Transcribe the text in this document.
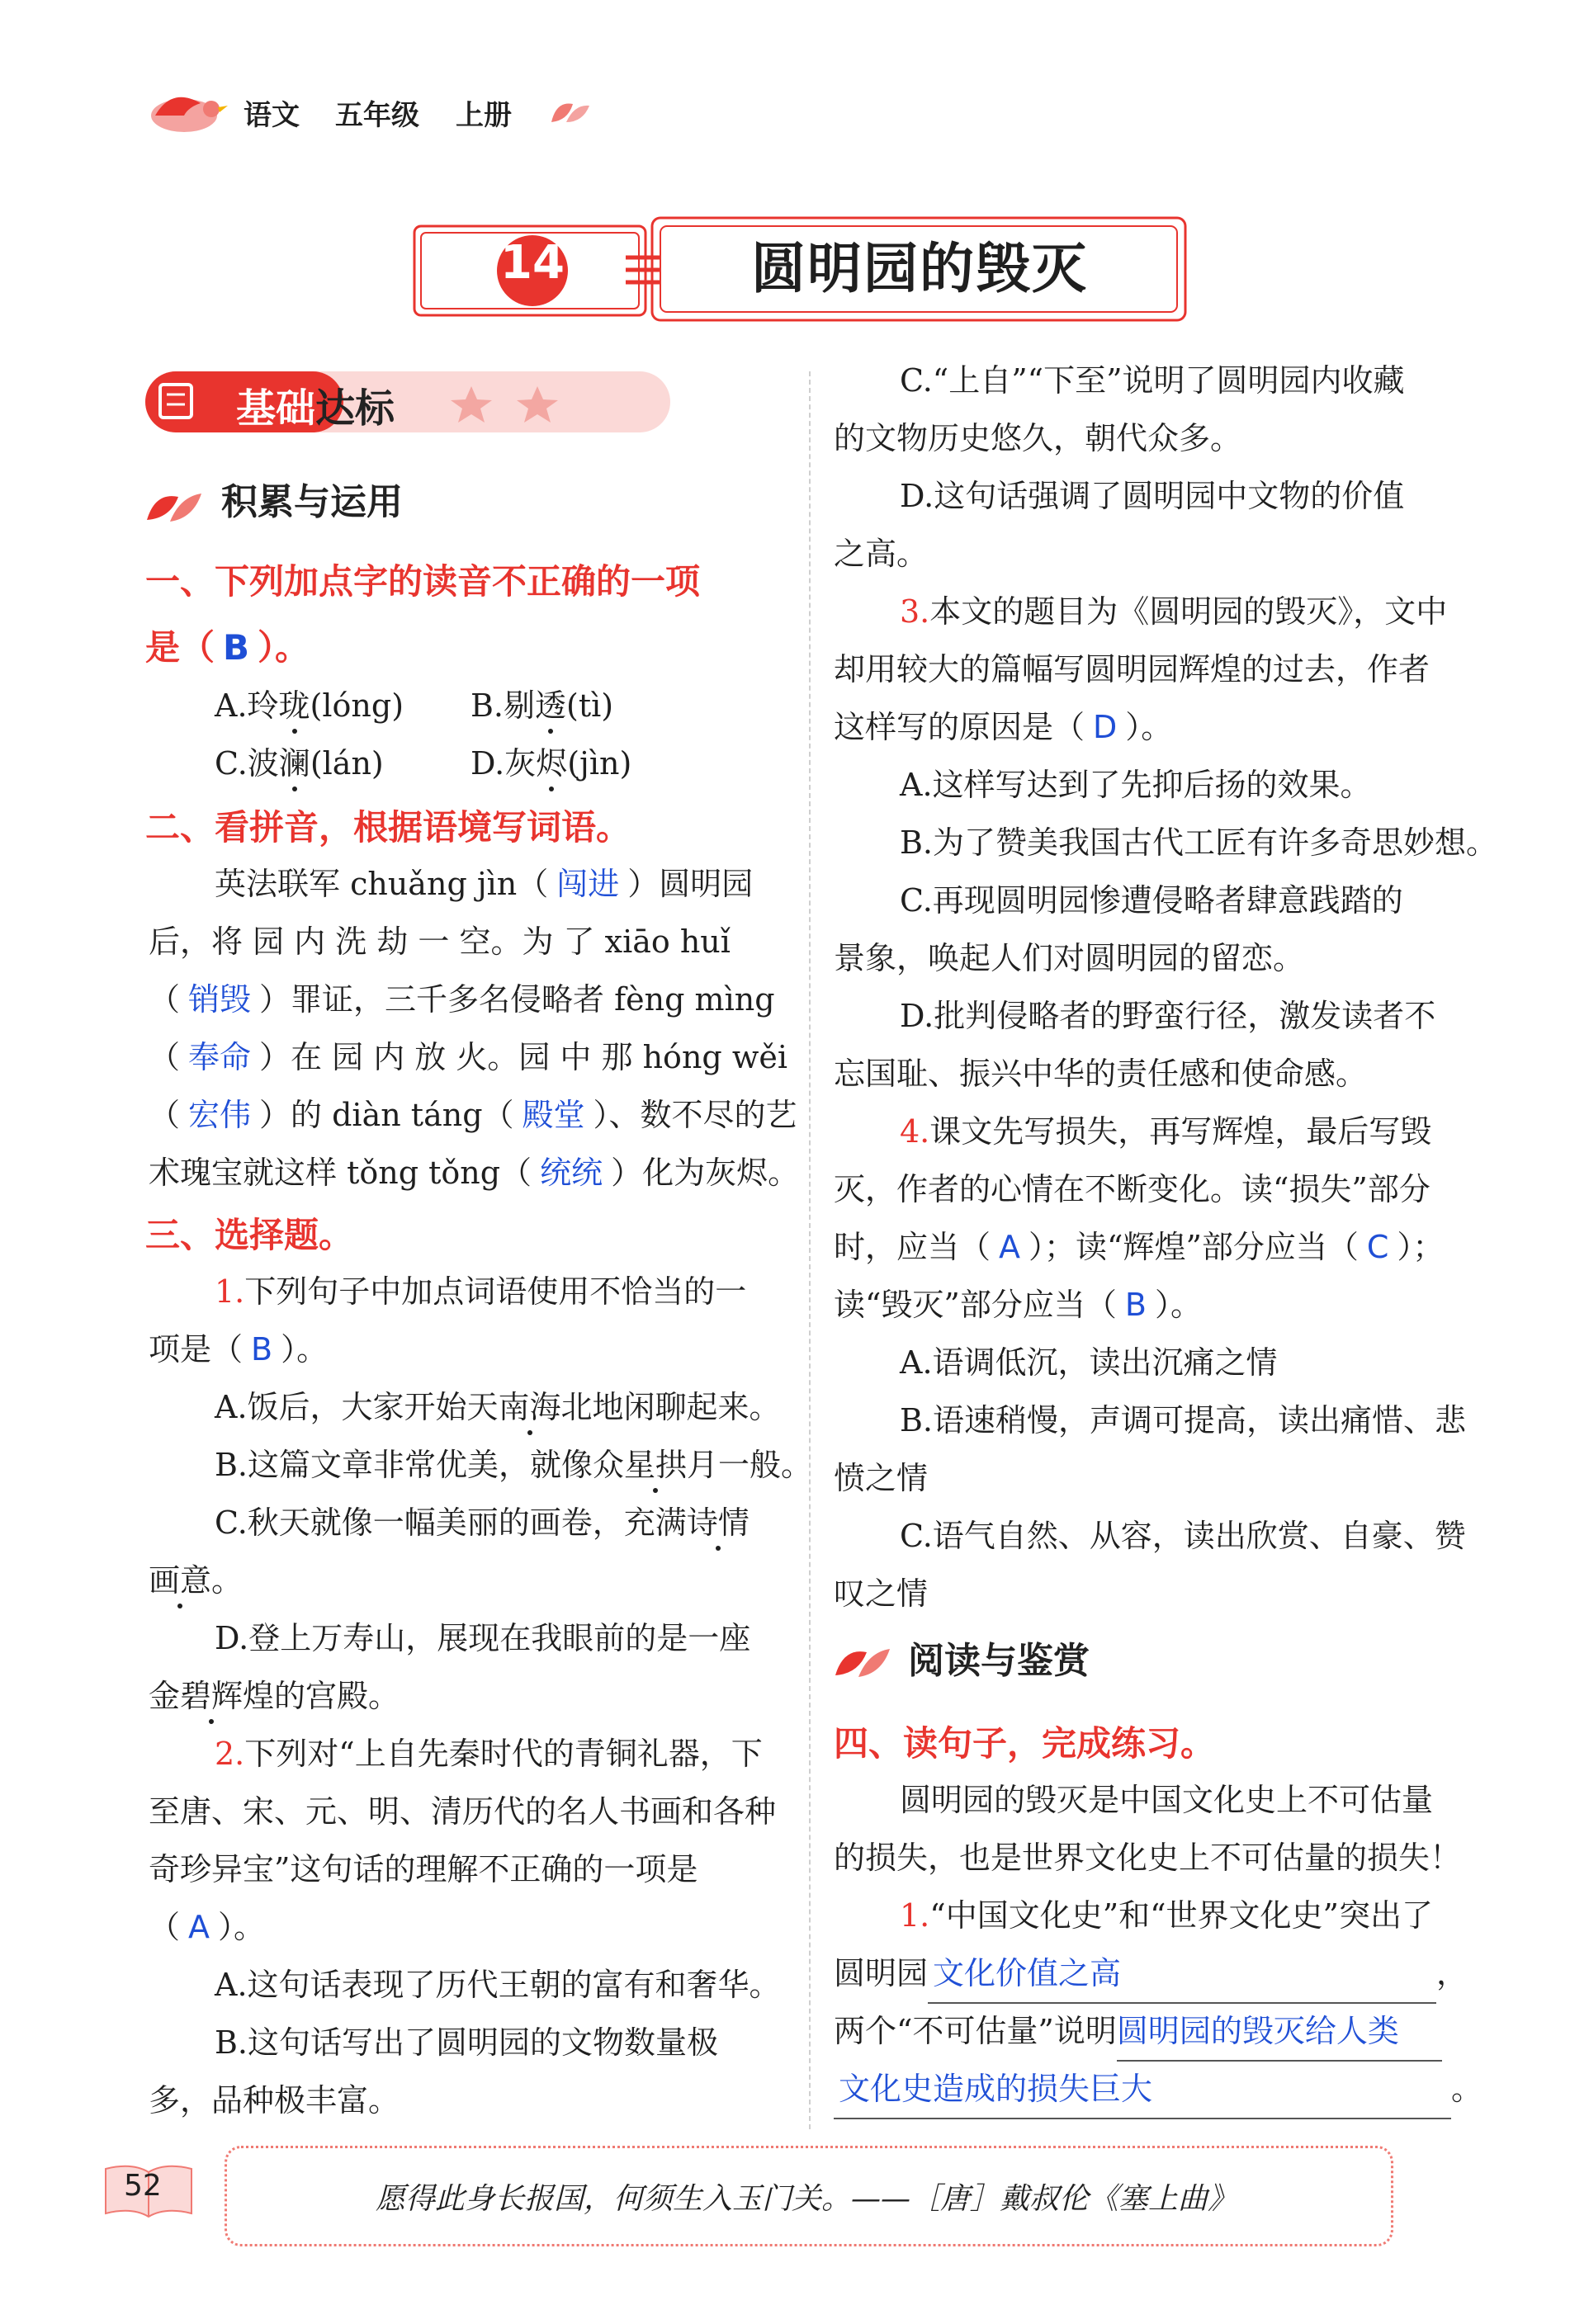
语文 五年级 上册
14	圆明园的毁灭
基础达标
积累与运用
一、下列加点字的读音不正确的一项
是（ B ）。
A.玲珑(lóng) B.剔透(tì)
C.波澜(lán)	D.灰烬(jìn)
二、看拼音，根据语境写词语。
英法联军 chuǎng jìn（ 闯进 ）圆明园
后，将 园 内 洗 劫 一 空。为 了 xiāo huǐ
（ 销毁 ）罪证，三千多名侵略者 fèng mìng
（ 奉命 ）在 园 内 放 火。园 中 那 hóng wěi
（ 宏伟 ）的 diàn táng（ 殿堂 ）、数不尽的艺
术瑰宝就这样 tǒng tǒng（ 统统 ）化为灰烬。
三、选择题。
1.下列句子中加点词语使用不恰当的一
项是（ B ）。
A.饭后，大家开始天南海北地闲聊起来。
B.这篇文章非常优美，就像众星拱月一般。
C.秋天就像一幅美丽的画卷，充满诗情
画意。
D.登上万寿山，展现在我眼前的是一座
金碧辉煌的宫殿。
2.下列对“上自先秦时代的青铜礼器，下
至唐、宋、元、明、清历代的名人书画和各种
奇珍异宝”这句话的理解不正确的一项是
（ A ）。
A.这句话表现了历代王朝的富有和奢华。
B.这句话写出了圆明园的文物数量极
多，品种极丰富。
C.“上自”“下至”说明了圆明园内收藏
的文物历史悠久，朝代众多。
D.这句话强调了圆明园中文物的价值
之高。
3.本文的题目为《圆明园的毁灭》，文中
却用较大的篇幅写圆明园辉煌的过去，作者
这样写的原因是（ D ）。
A.这样写达到了先抑后扬的效果。
B.为了赞美我国古代工匠有许多奇思妙想。
C.再现圆明园惨遭侵略者肆意践踏的
景象，唤起人们对圆明园的留恋。
D.批判侵略者的野蛮行径，激发读者不
忘国耻、振兴中华的责任感和使命感。
4.课文先写损失，再写辉煌，最后写毁
灭，作者的心情在不断变化。读“损失”部分
时，应当（ A ）；读“辉煌”部分应当（ C ）；
读“毁灭”部分应当（ B ）。
A.语调低沉，读出沉痛之情
B.语速稍慢，声调可提高，读出痛惜、悲
愤之情
C.语气自然、从容，读出欣赏、自豪、赞
叹之情
阅读与鉴赏
四、读句子，完成练习。
圆明园的毁灭是中国文化史上不可估量
的损失，也是世界文化史上不可估量的损失！
1.“中国文化史”和“世界文化史”突出了
圆明园 文化价值之高	，
两个“不可估量”说明圆明园的毁灭给人类
文化史造成的损失巨大	。
52	愿得此身长报国，何须生入玉门关。——［唐］戴叔伦《塞上曲》
